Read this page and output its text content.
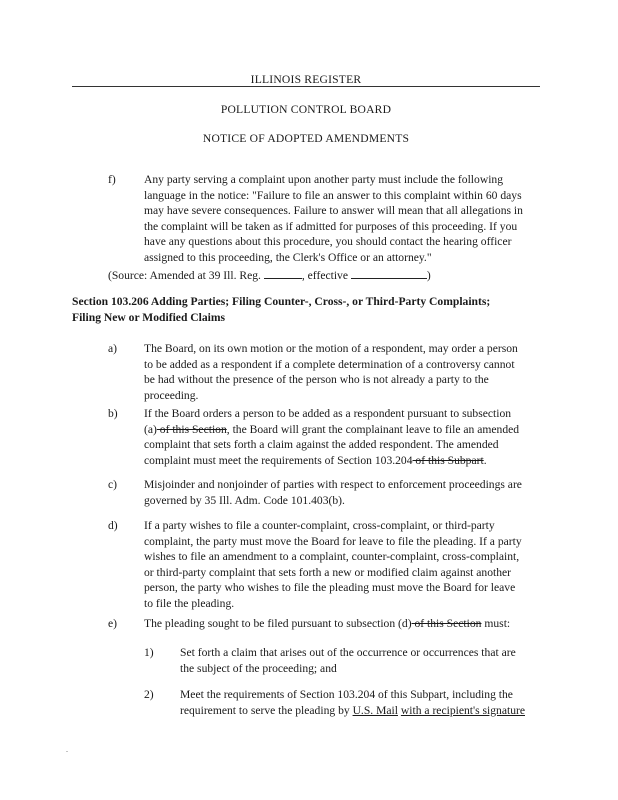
ILLINOIS REGISTER
POLLUTION CONTROL BOARD
NOTICE OF ADOPTED AMENDMENTS
f)	Any party serving a complaint upon another party must include the following
language in the notice: "Failure to file an answer to this complaint within 60 days
may have severe consequences. Failure to answer will mean that all allegations in
the complaint will be taken as if admitted for purposes of this proceeding. If you
have any questions about this procedure, you should contact the hearing officer
assigned to this proceeding, the Clerk's Office or an attorney."
(Source: Amended at 39 Ill. Reg.	, effective	)
Section 103.206 Adding Parties; Filing Counter-, Cross-, or Third-Party Complaints;
Filing New or Modified Claims
a)	The Board, on its own motion or the motion of a respondent, may order a person
to be added as a respondent if a complete determination of a controversy cannot
be had without the presence of the person who is not already a party to the
proceeding.
b)	If the Board orders a person to be added as a respondent pursuant to subsection
(a) of this Section, the Board will grant the complainant leave to file an amended
complaint that sets forth a claim against the added respondent. The amended
complaint must meet the requirements of Section 103.204 of this Subpart.
c)	Misjoinder and nonjoinder of parties with respect to enforcement proceedings are
governed by 35 Ill. Adm. Code 101.403(b).
d)	If a party wishes to file a counter-complaint, cross-complaint, or third-party
complaint, the party must move the Board for leave to file the pleading. If a party
wishes to file an amendment to a complaint, counter-complaint, cross-complaint,
or third-party complaint that sets forth a new or modified claim against another
person, the party who wishes to file the pleading must move the Board for leave
to file the pleading.
e)	The pleading sought to be filed pursuant to subsection (d) of this Section must:
1)	Set forth a claim that arises out of the occurrence or occurrences that are
the subject of the proceeding; and
2)	Meet the requirements of Section 103.204 of this Subpart, including the
requirement to serve the pleading by U.S. Mail with a recipient's signature
.
